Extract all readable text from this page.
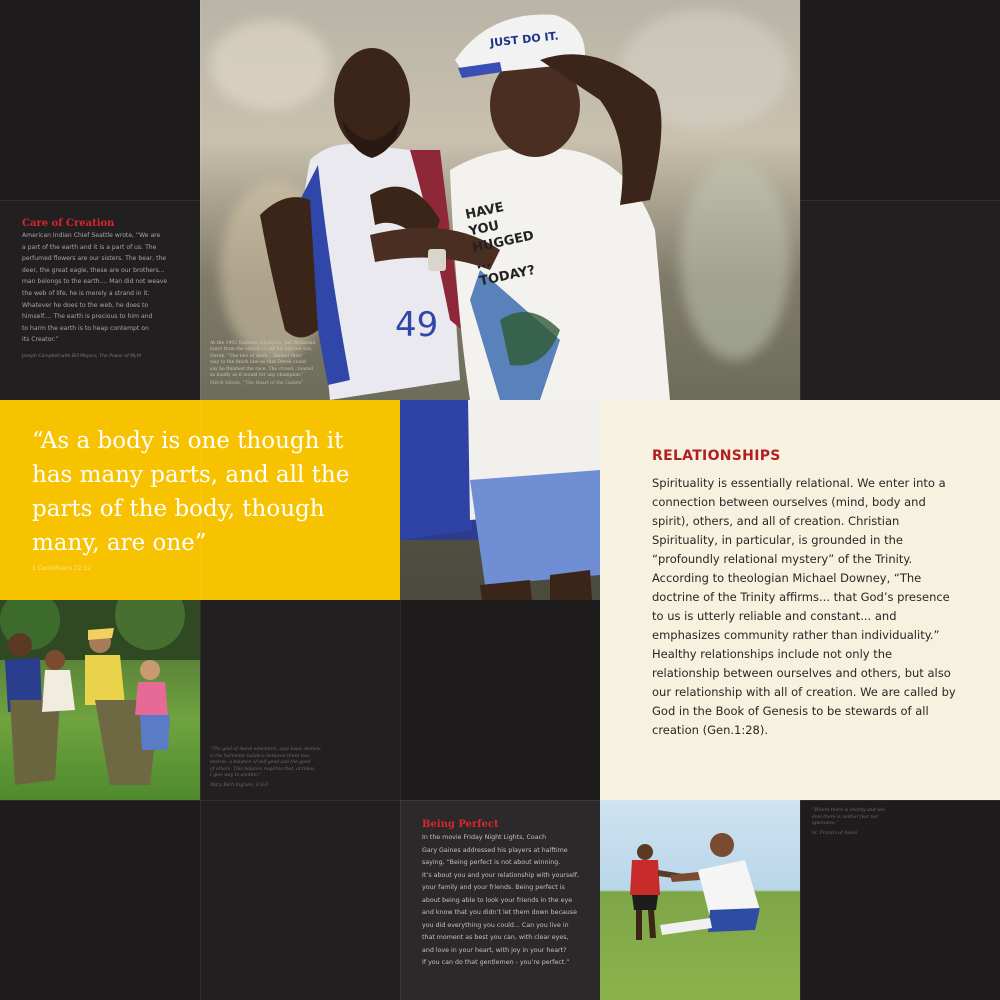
JUST DO IT.
HAVE YOU HUGGED ... TODAY?
49
Care of Creation
American Indian Chief Seattle wrote, “We are
a part of the earth and it is a part of us. The
perfumed flowers are our sisters. The bear, the
deer, the great eagle, these are our brothers...
man belongs to the earth.... Man did not weave
the web of life, he is merely a strand in it.
Whatever he does to the web, he does to
himself.... The earth is precious to him and
to harm the earth is to heap contempt on
its Creator.”
Joseph Campbell with Bill Moyers, The Power of Myth
At the 1992 Summer Olympics, Jim Redmond
burst from the stands to aid his injured son,
Derek. “The two of them... limbed their
way to the finish line so that Derek could
say he finished the race. The crowd...roared
as loudly as it would for any champion.”
Mitch Albom, “The Heart of the Games”
“As a body is one though it has many parts, and all the parts of the body, though many, are one”
1 Corinthians 12:12
RELATIONSHIPS
Spirituality is essentially relational. We enter into a connection between ourselves (mind, body and spirit), others, and all of creation. Christian Spirituality, in particular, is grounded in the “profoundly relational mystery” of the Trinity. According to theologian Michael Downey, “The doctrine of the Trinity affirms... that God’s presence to us is utterly reliable and constant... and emphasizes community rather than individuality.” Healthy relationships include not only the relationship between ourselves and others, but also our relationship with all of creation. We are called by God in the Book of Genesis to be stewards of all creation (Gen.1:28).
“The goal of moral education, says Isaac Asimov,
is the harmonic balance between these two
desires: a balance of self-good and the good
of others. This balance requires that, at times,
I give way to another.”
Mary Beth Ingham, O.S.F.
Being Perfect
In the movie Friday Night Lights, Coach
Gary Gaines addressed his players at halftime
saying, “Being perfect is not about winning.
It’s about you and your relationship with yourself,
your family and your friends. Being perfect is
about being able to look your friends in the eye
and know that you didn’t let them down because
you did everything you could... Can you live in
that moment as best you can, with clear eyes,
and love in your heart, with joy in your heart?
If you can do that gentlemen - you’re perfect.”
“Where there is charity and wis-
dom there is neither fear nor
ignorance.”
St. Francis of Assisi
